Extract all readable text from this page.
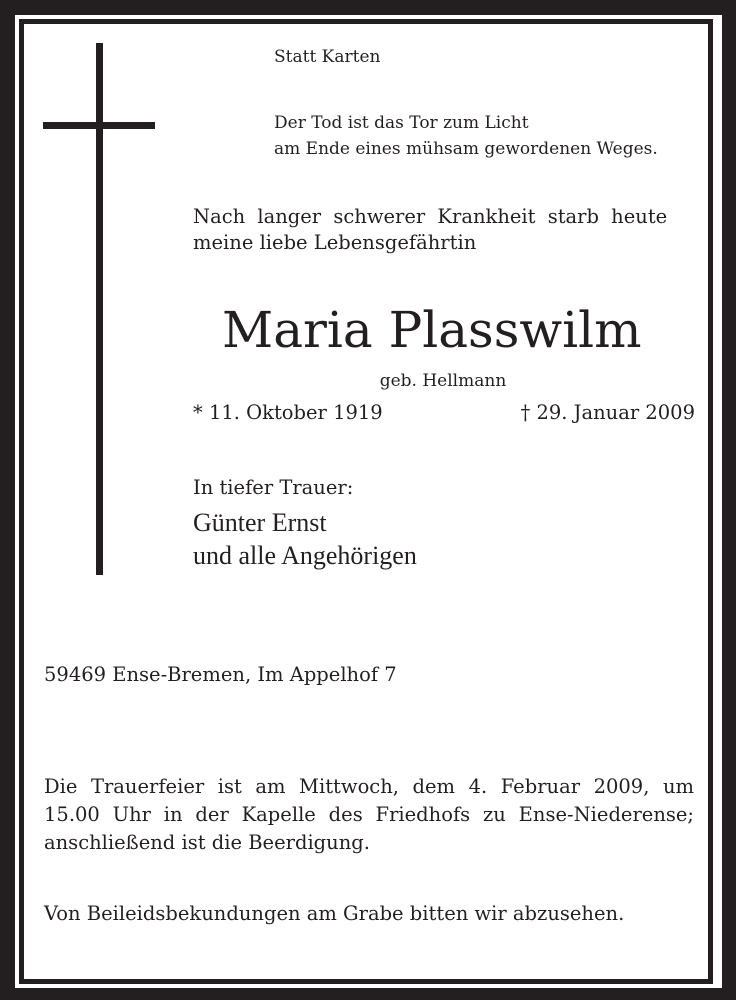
Statt Karten
Der Tod ist das Tor zum Licht
am Ende eines mühsam gewordenen Weges.
Nach langer schwerer Krankheit starb heute
meine liebe Lebensgefährtin
Maria Plasswilm
geb. Hellmann
* 11. Oktober 1919	† 29. Januar 2009
In tiefer Trauer:
Günter Ernst
und alle Angehörigen
59469 Ense-Bremen, Im Appelhof 7
Die Trauerfeier ist am Mittwoch, dem 4. Februar 2009, um
15.00 Uhr in der Kapelle des Friedhofs zu Ense-Niederense;
anschließend ist die Beerdigung.
Von Beileidsbekundungen am Grabe bitten wir abzusehen.
